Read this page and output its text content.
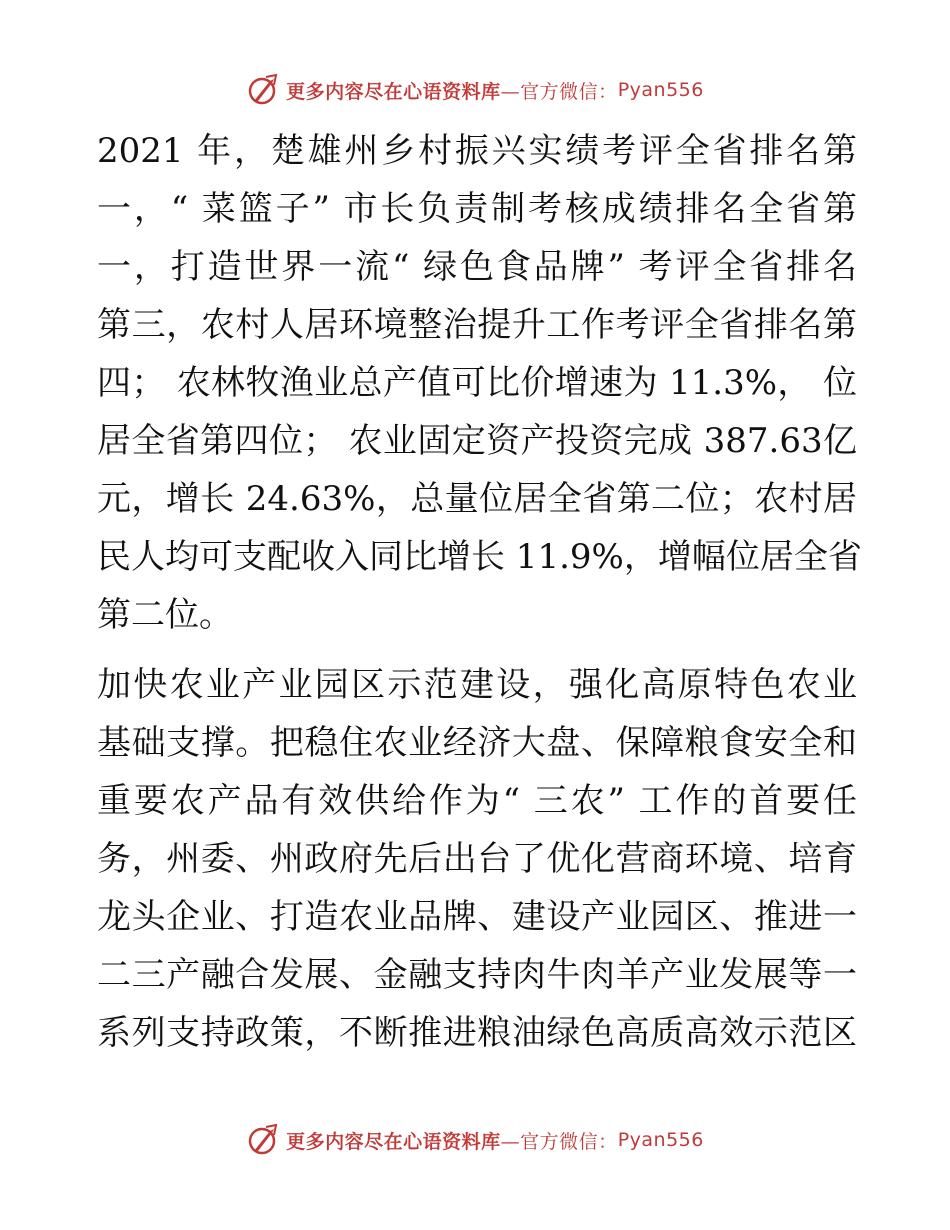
更多内容尽在心语资料库 —官方微信： Pyan556

2021 年，楚雄州乡村振兴实绩考评全省排名第
一，“ 菜篮子” 市长负责制考核成绩排名全省第
一，打造世界一流“ 绿色食品牌” 考评全省排名
第三，农村人居环境整治提升工作考评全省排名第
四； 农林牧渔业总产值可比价增速为 11.3%， 位
居全省第四位； 农业固定资产投资完成 387.63亿
元，增长 24.63%，总量位居全省第二位；农村居
民人均可支配收入同比增长 11.9%，增幅位居全省
第二位。

加快农业产业园区示范建设，强化高原特色农业
基础支撑。把稳住农业经济大盘、保障粮食安全和
重要农产品有效供给作为“ 三农” 工作的首要任
务，州委、州政府先后出台了优化营商环境、培育
龙头企业、打造农业品牌、建设产业园区、推进一
二三产融合发展、金融支持肉牛肉羊产业发展等一
系列支持政策，不断推进粮油绿色高质高效示范区

更多内容尽在心语资料库 —官方微信： Pyan556
